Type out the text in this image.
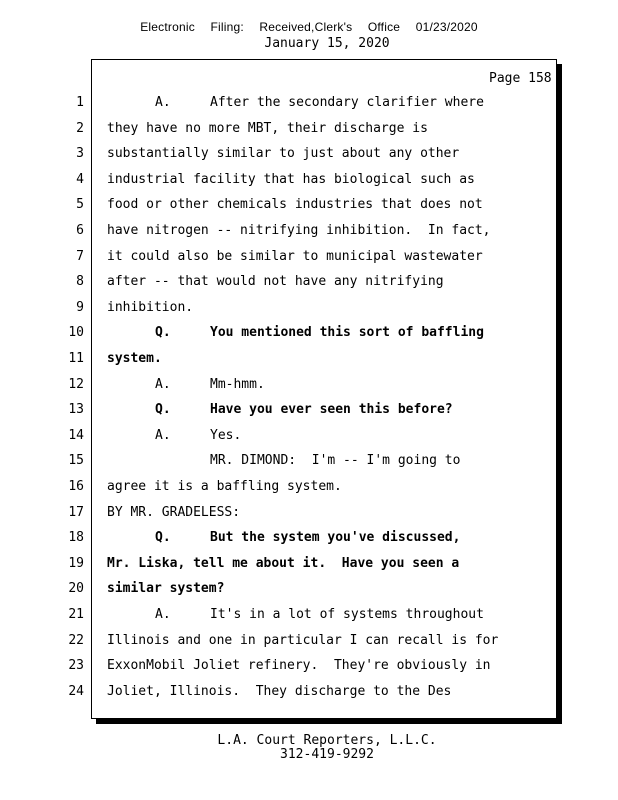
Electronic Filing: Received,Clerk's Office 01/23/2020
January 15, 2020
Page 158
1	A.	After the secondary clarifier where
2 they have no more MBT, their discharge is
3 substantially similar to just about any other
4 industrial facility that has biological such as
5 food or other chemicals industries that does not
6 have nitrogen -- nitrifying inhibition.  In fact,
7 it could also be similar to municipal wastewater
8 after -- that would not have any nitrifying
9 inhibition.
10	Q.	You mentioned this sort of baffling
11 system.
12	A.	Mm-hmm.
13	Q.	Have you ever seen this before?
14	A.	Yes.
15	MR. DIMOND:  I'm -- I'm going to
16 agree it is a baffling system.
17 BY MR. GRADELESS:
18	Q.	But the system you've discussed,
19 Mr. Liska, tell me about it.  Have you seen a
20 similar system?
21	A.	It's in a lot of systems throughout
22 Illinois and one in particular I can recall is for
23 ExxonMobil Joliet refinery.  They're obviously in
24 Joliet, Illinois.  They discharge to the Des
L.A. Court Reporters, L.L.C.
312-419-9292
